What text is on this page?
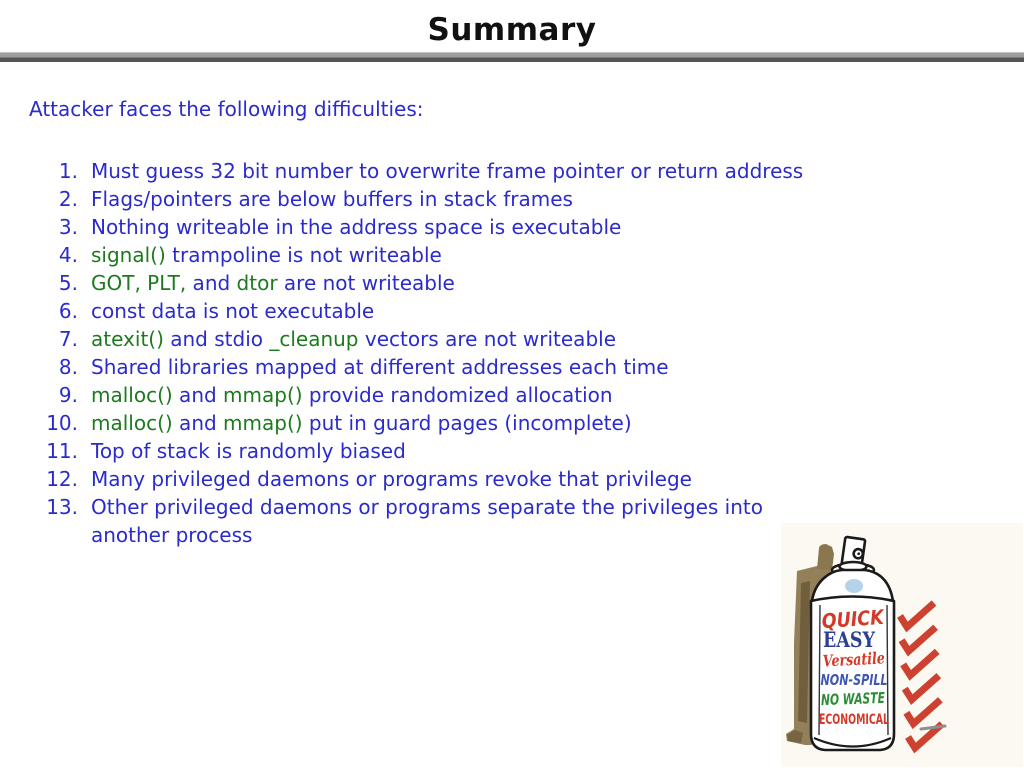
Summary
Attacker faces the following difficulties:
1. Must guess 32 bit number to overwrite frame pointer or return address
2. Flags/pointers are below buffers in stack frames
3. Nothing writeable in the address space is executable
4. signal() trampoline is not writeable
5. GOT, PLT, and dtor are not writeable
6. const data is not executable
7. atexit() and stdio _cleanup vectors are not writeable
8. Shared libraries mapped at different addresses each time
9. malloc() and mmap() provide randomized allocation
10. malloc() and mmap() put in guard pages (incomplete)
11. Top of stack is randomly biased
12. Many privileged daemons or programs revoke that privilege
13. Other privileged daemons or programs separate the privileges into
another process
QUICK
EASY
Versatile
NON-SPILL
NO WASTE
ECONOMICAL
